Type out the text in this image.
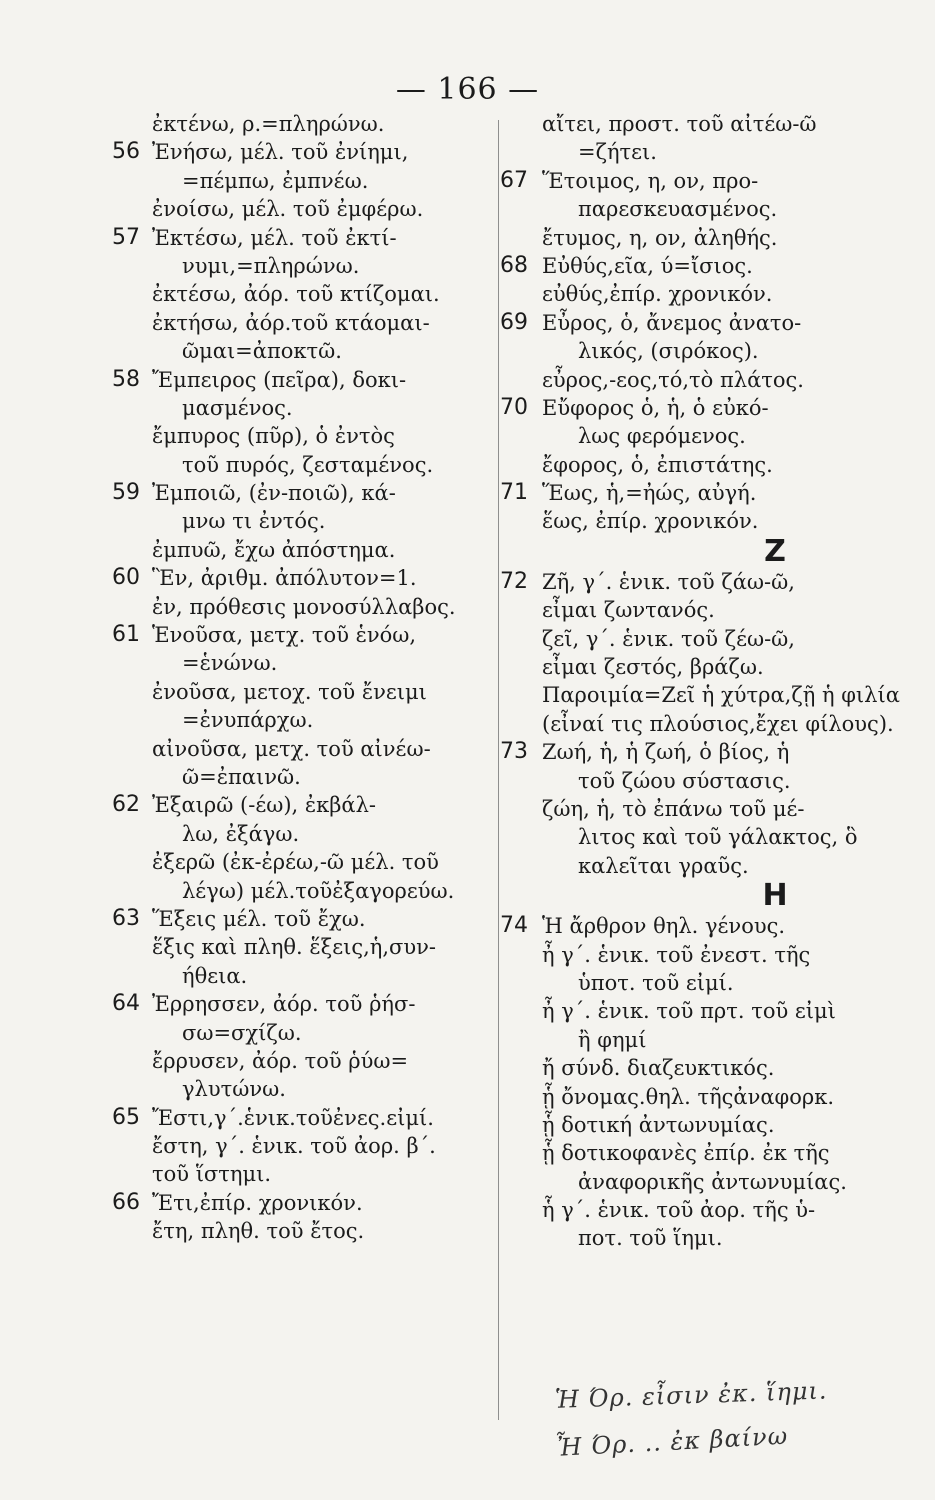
— 166 —
ἐκτένω, ρ.=πληρώνω.
56 Ἐνήσω, μέλ. τοῦ ἐνίημι,
=πέμπω, ἐμπνέω.
ἐνοίσω, μέλ. τοῦ ἐμφέρω.
57 Ἐκτέσω, μέλ. τοῦ ἐκτί-
νυμι,=πληρώνω.
ἐκτέσω, ἀόρ. τοῦ κτίζομαι.
ἐκτήσω, ἀόρ.τοῦ κτάομαι-
ῶμαι=ἀποκτῶ.
58 Ἔμπειρος (πεῖρα), δοκι-
μασμένος.
ἔμπυρος (πῦρ), ὁ ἐντὸς
τοῦ πυρός, ζεσταμένος.
59 Ἐμποιῶ, (ἐν-ποιῶ), κά-
μνω τι ἐντός.
ἐμπυῶ, ἔχω ἀπόστημα.
60 Ἓν, ἀριθμ. ἀπόλυτον=1.
ἐν, πρόθεσις μονοσύλλαβος.
61 Ἑνοῦσα, μετχ. τοῦ ἑνόω,
=ἑνώνω.
ἐνοῦσα, μετοχ. τοῦ ἔνειμι
=ἐνυπάρχω.
αἰνοῦσα, μετχ. τοῦ αἰνέω-
ῶ=ἐπαινῶ.
62 Ἐξαιρῶ (-έω), ἐκβάλ-
λω, ἐξάγω.
ἐξερῶ (ἐκ-ἐρέω,-ῶ μέλ. τοῦ
λέγω) μέλ.τοῦἐξαγορεύω.
63 Ἕξεις μέλ. τοῦ ἔχω.
ἕξις καὶ πληθ. ἕξεις,ἡ,συν-
ήθεια.
64 Ἐρρησσεν, ἀόρ. τοῦ ῥήσ-
σω=σχίζω.
ἔρρυσεν, ἀόρ. τοῦ ῥύω=
γλυτώνω.
65 Ἔστι,γ΄.ἑνικ.τοῦἐνες.εἰμί.
ἔστη, γ΄. ἑνικ. τοῦ ἀορ. β΄.
τοῦ ἵστημι.
66 Ἔτι,ἐπίρ. χρονικόν.
ἔτη, πληθ. τοῦ ἔτος.
αἴτει, προστ. τοῦ αἰτέω-ῶ
=ζήτει.
67 Ἕτοιμος, η, ον, προ-
παρεσκευασμένος.
ἔτυμος, η, ον, ἀληθής.
68 Εὐθύς,εῖα, ύ=ἴσιος.
εὐθύς,ἐπίρ. χρονικόν.
69 Εὖρος, ὁ, ἄνεμος ἀνατο-
λικός, (σιρόκος).
εὖρος,-εος,τό,τὸ πλάτος.
70 Εὔφορος ὁ, ἡ, ὁ εὐκό-
λως φερόμενος.
ἔφορος, ὁ, ἐπιστάτης.
71 Ἕως, ἡ,=ἠώς, αὐγή.
ἕως, ἐπίρ. χρονικόν.
Ζ
72 Ζῆ, γ΄. ἑνικ. τοῦ ζάω-ῶ,
εἶμαι ζωντανός.
ζεῖ, γ΄. ἑνικ. τοῦ ζέω-ῶ,
εἶμαι ζεστός, βράζω.
Παροιμία=Ζεῖ ἡ χύτρα,ζῇ ἡ φιλία
(εἶναί τις πλούσιος,ἔχει φίλους).
73 Ζωή, ἡ, ἡ ζωή, ὁ βίος, ἡ
τοῦ ζώου σύστασις.
ζώη, ἡ, τὸ ἐπάνω τοῦ μέ-
λιτος καὶ τοῦ γάλακτος, ὃ
καλεῖται γραῦς.
Η
74 Ἡ ἄρθρον θηλ. γένους.
ἦ γ΄. ἑνικ. τοῦ ἐνεστ. τῆς
ὑποτ. τοῦ εἰμί.
ἦ γ΄. ἑνικ. τοῦ πρτ. τοῦ εἰμὶ
ἢ φημί
ἤ σύνδ. διαζευκτικός.
ᾗ ὄνομας.θηλ. τῆςἀναφορκ.
ᾗ δοτική ἀντωνυμίας.
ᾗ δοτικοφανὲς ἐπίρ. ἐκ τῆς
ἀναφορικῆς ἀντωνυμίας.
ἧ γ΄. ἑνικ. τοῦ ἀορ. τῆς ὑ-
ποτ. τοῦ ἵημι.
Ἡ Όρ. εἶσιν ἐκ. ἵημι.
Ἦ Όρ. .. ἐκ βαίνω
